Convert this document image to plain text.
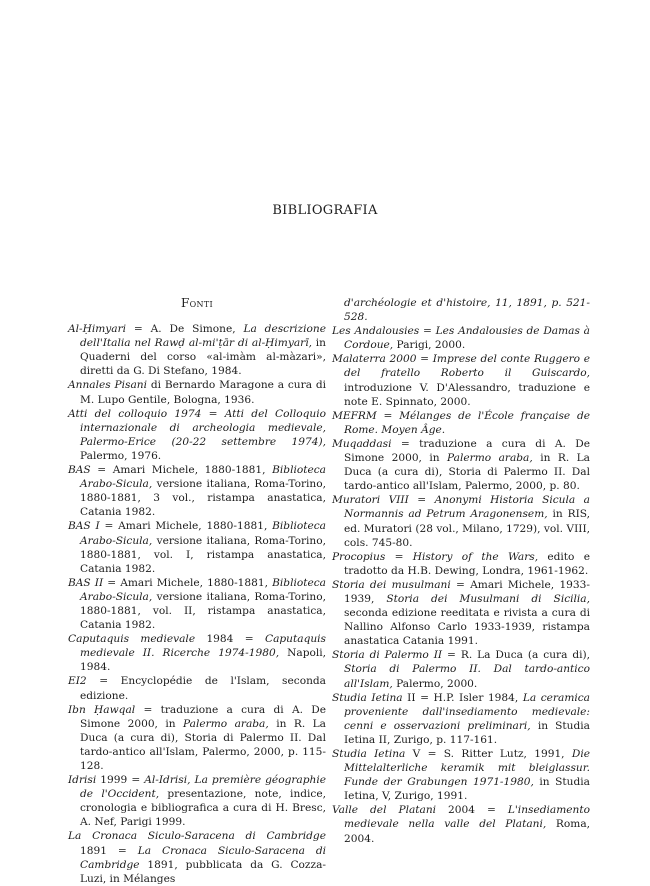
BIBLIOGRAFIA
Fonti

Al-Ḥimyari = A. De Simone, La descrizione dell'Italia nel Rawḍ al-mi'ṭār di al-Ḥimyarī, in Quaderni del corso «al-imàm al-màzari», diretti da G. Di Stefano, 1984.

Annales Pisani di Bernardo Maragone a cura di M. Lupo Gentile, Bologna, 1936.

Atti del colloquio 1974 = Atti del Colloquio internazionale di archeologia medievale, Palermo-Erice (20-22 settembre 1974), Palermo, 1976.

BAS = Amari Michele, 1880-1881, Biblioteca Arabo-Sicula, versione italiana, Roma-Torino, 1880-1881, 3 vol., ristampa anastatica, Catania 1982.

BAS I = Amari Michele, 1880-1881, Biblioteca Arabo-Sicula, versione italiana, Roma-Torino, 1880-1881, vol. I, ristampa anastatica, Catania 1982.

BAS II = Amari Michele, 1880-1881, Biblioteca Arabo-Sicula, versione italiana, Roma-Torino, 1880-1881, vol. II, ristampa anastatica, Catania 1982.

Caputaquis medievale 1984 = Caputaquis medievale II. Ricerche 1974-1980, Napoli, 1984.

EI2 = Encyclopédie de l'Islam, seconda edizione.

Ibn Ḥawqal = traduzione a cura di A. De Simone 2000, in Palermo araba, in R. La Duca (a cura di), Storia di Palermo II. Dal tardo-antico all'Islam, Palermo, 2000, p. 115-128.

Idrisi 1999 = Al-Idrisi, La première géographie de l'Occident, presentazione, note, indice, cronologia e bibliografica a cura di H. Bresc, A. Nef, Parigi 1999.

La Cronaca Siculo-Saracena di Cambridge 1891 = La Cronaca Siculo-Saracena di Cambridge 1891, pubblicata da G. Cozza-Luzi, in Mélanges

d'archéologie et d'histoire, 11, 1891, p. 521-528.

Les Andalousies = Les Andalousies de Damas à Cordoue, Parigi, 2000.

Malaterra 2000 = Imprese del conte Ruggero e del fratello Roberto il Guiscardo, introduzione V. D'Alessandro, traduzione e note E. Spinnato, 2000.

MEFRM = Mélanges de l'École française de Rome. Moyen Âge.

Muqaddasi = traduzione a cura di A. De Simone 2000, in Palermo araba, in R. La Duca (a cura di), Storia di Palermo II. Dal tardo-antico all'Islam, Palermo, 2000, p. 80.

Muratori VIII = Anonymi Historia Sicula a Normannis ad Petrum Aragonensem, in RIS, ed. Muratori (28 vol., Milano, 1729), vol. VIII, cols. 745-80.

Procopius = History of the Wars, edito e tradotto da H.B. Dewing, Londra, 1961-1962.

Storia dei musulmani = Amari Michele, 1933-1939, Storia dei Musulmani di Sicilia, seconda edizione reeditata e rivista a cura di Nallino Alfonso Carlo 1933-1939, ristampa anastatica Catania 1991.

Storia di Palermo II = R. La Duca (a cura di), Storia di Palermo II. Dal tardo-antico all'Islam, Palermo, 2000.

Studia Ietina II = H.P. Isler 1984, La ceramica proveniente dall'insediamento medievale: cenni e osservazioni preliminari, in Studia Ietina II, Zurigo, p. 117-161.

Studia Ietina V = S. Ritter Lutz, 1991, Die Mittelalterliche keramik mit bleiglassur. Funde der Grabungen 1971-1980, in Studia Ietina, V, Zurigo, 1991.

Valle del Platani 2004 = L'insediamento medievale nella valle del Platani, Roma, 2004.
